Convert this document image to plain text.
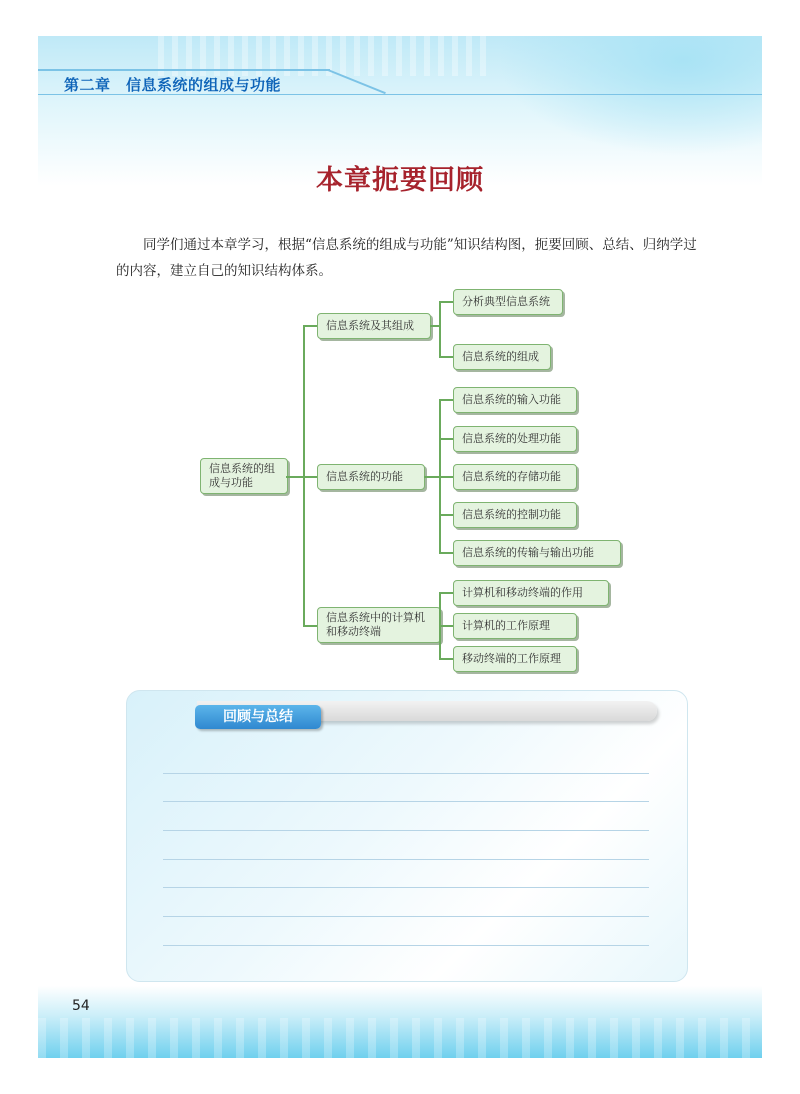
第二章　信息系统的组成与功能
本章扼要回顾
同学们通过本章学习，根据“信息系统的组成与功能”知识结构图，扼要回顾、总结、归纳学过的内容，建立自己的知识结构体系。
信息系统的组成与功能
信息系统及其组成
分析典型信息系统
信息系统的组成
信息系统的功能
信息系统的输入功能
信息系统的处理功能
信息系统的存储功能
信息系统的控制功能
信息系统的传输与输出功能
信息系统中的计算机和移动终端
计算机和移动终端的作用
计算机的工作原理
移动终端的工作原理
回顾与总结
54
